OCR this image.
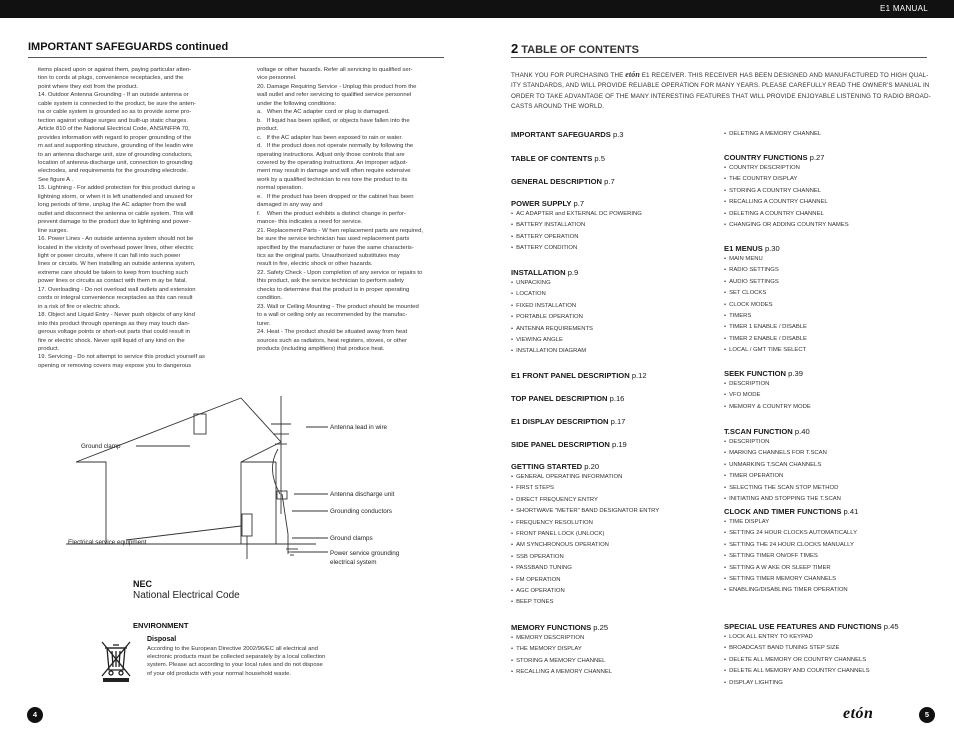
E1 MANUAL
IMPORTANT SAFEGUARDS continued

items placed upon or against them, paying particular atten-

tion to cords at plugs, convenience receptacles, and the

point where they exit from the product.

14. Outdoor Antenna Grounding - If an outside antenna or

cable system is connected to the product, be sure the anten-

na or cable system is grounded so as to provide some pro-

tection against voltage surges and built-up static charges.

Article 810 of the National Electrical Code, ANSI/NFPA 70,

provides information with regard to proper grounding of the

m ast and supporting structure, grounding of the leadin wire

to an antenna discharge unit, size of grounding conductors,

location of antenna-discharge unit, connection to grounding

electrodes, and requirements for the grounding electrode.

See figure A .

15. Lightning - For added protection for this product during a

lightning storm, or when it is left unattended and unused for

long periods of time, unplug the AC adapter from the wall

outlet and disconnect the antenna or cable system. This will

prevent damage to the product due to lightning and power-

line surges.

16. Power Lines - An outside antenna system should not be

located in the vicinity of overhead power lines, other electric

light or power circuits, where it can fall into such power

lines or circuits. W hen installing an outside antenna system,

extreme care should be taken to keep from touching such

power lines or circuits as contact with them m ay be fatal.

17. Overloading - Do not overload wall outlets and extension

cords or integral convenience receptacles as this can result

in a risk of fire or electric shock.

18. Object and Liquid Entry - Never push objects of any kind

into this product through openings as they may touch dan-

gerous voltage points or short-out parts that could result in

fire or electric shock. Never spill liquid of any kind on the

product.

19. Servicing - Do not attempt to service this product yourself as

opening or removing covers may expose you to dangerous

voltage or other hazards. Refer all servicing to qualified ser-

vice personnel.

20. Damage Requiring Service - Unplug this product from the

wall outlet and refer servicing to qualified service personnel

under the following conditions:

a.   When the AC adapter cord or plug is damaged.

b.   If liquid has been spilled, or objects have fallen into the

product.

c.   If the AC adapter has been exposed to rain or water.

d.   If the product does not operate normally by following the

operating instructions. Adjust only those controls that are

covered by the operating instructions. An improper adjust-

ment may result in damage and will often require extensive

work by a qualified technician to res tore the product to its

normal operation.

e.   If the product has been dropped or the cabinet has been

damaged in any way and

f.    When the product exhibits a distinct change in perfor-

mance- this indicates a need for service.

21. Replacement Parts - W hen replacement parts are required,

be sure the service technician has used replacement parts

specified by the manufacturer or have the same characteris-

tics as the original parts. Unauthorized substitutes may

result in fire, electric shock or other hazards.

22. Safety Check - Upon completion of any service or repairs to

this product, ask the service technician to perform safety

checks to determine that the product is in proper operating

condition.

23. Wall or Ceiling Mounting - The product should be mounted

to a wall or ceiling only as recommended by the manufac-

turer.

24. Heat - The product should be situated away from heat

sources such as radiators, heat registers, stoves, or other

products (including amplifiers) that produce heat.

Antenna lead in wire
Ground clamp
Antenna discharge unit
Grounding conductors
Ground clamps
Electrical service equipment
Power service grounding
electrical system
NEC
National Electrical Code
ENVIRONMENT
Disposal

According to the European Directive 2002/96/EC all electrical and

electronic products must be collected separately by a local collection

system. Please act according to your local rules and do not dispose

of your old products with your normal household waste.

4
2 TABLE OF CONTENTS

THANK YOU FOR PURCHASING THE etón E1 RECEIVER. THIS RECEIVER HAS BEEN DESIGNED AND MANUFACTURED TO HIGH QUAL-

ITY STANDARDS, AND WILL PROVIDE RELIABLE OPERATION FOR MANY YEARS. PLEASE CAREFULLY READ THE OWNER'S MANUAL IN

ORDER TO TAKE ADVANTAGE OF THE MANY INTERESTING FEATURES THAT WILL PROVIDE ENJOYABLE LISTENING TO RADIO BROAD-

CASTS AROUND THE WORLD.

IMPORTANT SAFEGUARDS p.3
TABLE OF CONTENTS p.5
GENERAL DESCRIPTION p.7
POWER SUPPLY p.7
• AC ADAPTER and EXTERNAL DC POWERING
• BATTERY INSTALLATION
• BATTERY OPERATION
• BATTERY CONDITION
INSTALLATION p.9
• UNPACKING
• LOCATION
• FIXED INSTALLATION
• PORTABLE OPERATION
• ANTENNA REQUIREMENTS
• VIEWING ANGLE
• INSTALLATION DIAGRAM
E1 FRONT PANEL DESCRIPTION p.12
TOP PANEL DESCRIPTION p.16
E1 DISPLAY DESCRIPTION p.17
SIDE PANEL DESCRIPTION p.19
GETTING STARTED p.20
• GENERAL OPERATING INFORMATION
• FIRST STEPS
• DIRECT FREQUENCY ENTRY
• SHORTWAVE "METER" BAND DESIGNATOR ENTRY
• FREQUENCY RESOLUTION
• FRONT PANEL LOCK (UNLOCK)
• AM SYNCHRONOUS OPERATION
• SSB OPERATION
• PASSBAND TUNING
• FM OPERATION
• AGC OPERATION
• BEEP TONES
MEMORY FUNCTIONS p.25
• MEMORY DESCRIPTION
• THE MEMORY DISPLAY
• STORING A MEMORY CHANNEL
• RECALLING A MEMORY CHANNEL
• DELETING A MEMORY CHANNEL
COUNTRY FUNCTIONS p.27
• COUNTRY DESCRIPTION
• THE COUNTRY DISPLAY
• STORING A COUNTRY CHANNEL
• RECALLING A COUNTRY CHANNEL
• DELETING A COUNTRY CHANNEL
• CHANGING OR ADDING COUNTRY NAMES
E1 MENUS p.30
• MAIN MENU
• RADIO SETTINGS
• AUDIO SETTINGS
• SET CLOCKS
• CLOCK MODES
• TIMERS
• TIMER 1 ENABLE / DISABLE
• TIMER 2 ENABLE / DISABLE
• LOCAL / GMT TIME SELECT
SEEK FUNCTION p.39
• DESCRIPTION
• VFO MODE
• MEMORY & COUNTRY MODE
T.SCAN FUNCTION p.40
• DESCRIPTION
• MARKING CHANNELS FOR T.SCAN
• UNMARKING T.SCAN CHANNELS
• TIMER OPERATION
• SELECTING THE SCAN STOP METHOD
• INITIATING AND STOPPING THE T.SCAN
CLOCK AND TIMER FUNCTIONS p.41
• TIME DISPLAY
• SETTING 24 HOUR CLOCKS AUTOMATICALLY
• SETTING THE 24 HOUR CLOCKS MANUALLY
• SETTING TIMER ON/OFF TIMES
• SETTING A W AKE OR SLEEP TIMER
• SETTING TIMER MEMORY CHANNELS
• ENABLING/DISABLING TIMER OPERATION
SPECIAL USE FEATURES AND FUNCTIONS p.45
• LOCK ALL ENTRY TO KEYPAD
• BROADCAST BAND TUNING STEP SIZE
• DELETE ALL MEMORY OR COUNTRY CHANNELS
• DELETE ALL MEMORY AND COUNTRY CHANNELS
• DISPLAY LIGHTING
etón	5
